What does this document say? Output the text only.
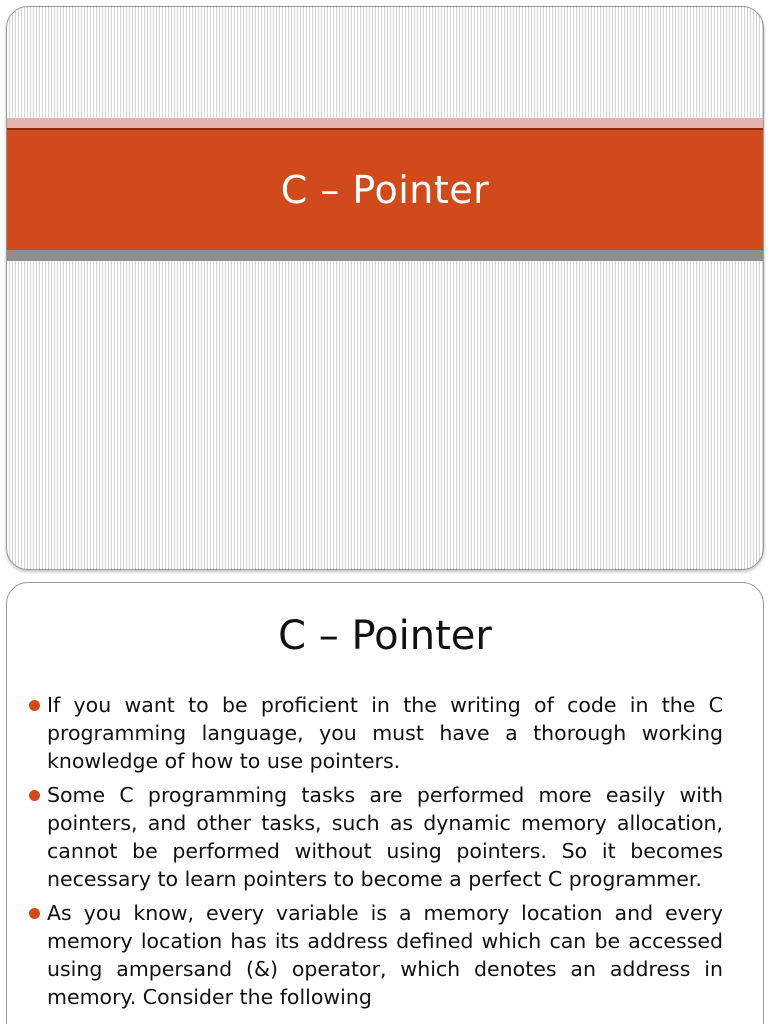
C – Pointer
C – Pointer
If you want to be proficient in the writing of code in the C programming language, you must have a thorough working knowledge of how to use pointers.
Some C programming tasks are performed more easily with pointers, and other tasks, such as dynamic memory allocation, cannot be performed without using pointers. So it becomes necessary to learn pointers to become a perfect C programmer.
As you know, every variable is a memory location and every memory location has its address defined which can be accessed using ampersand (&) operator, which denotes an address in memory. Consider the following
